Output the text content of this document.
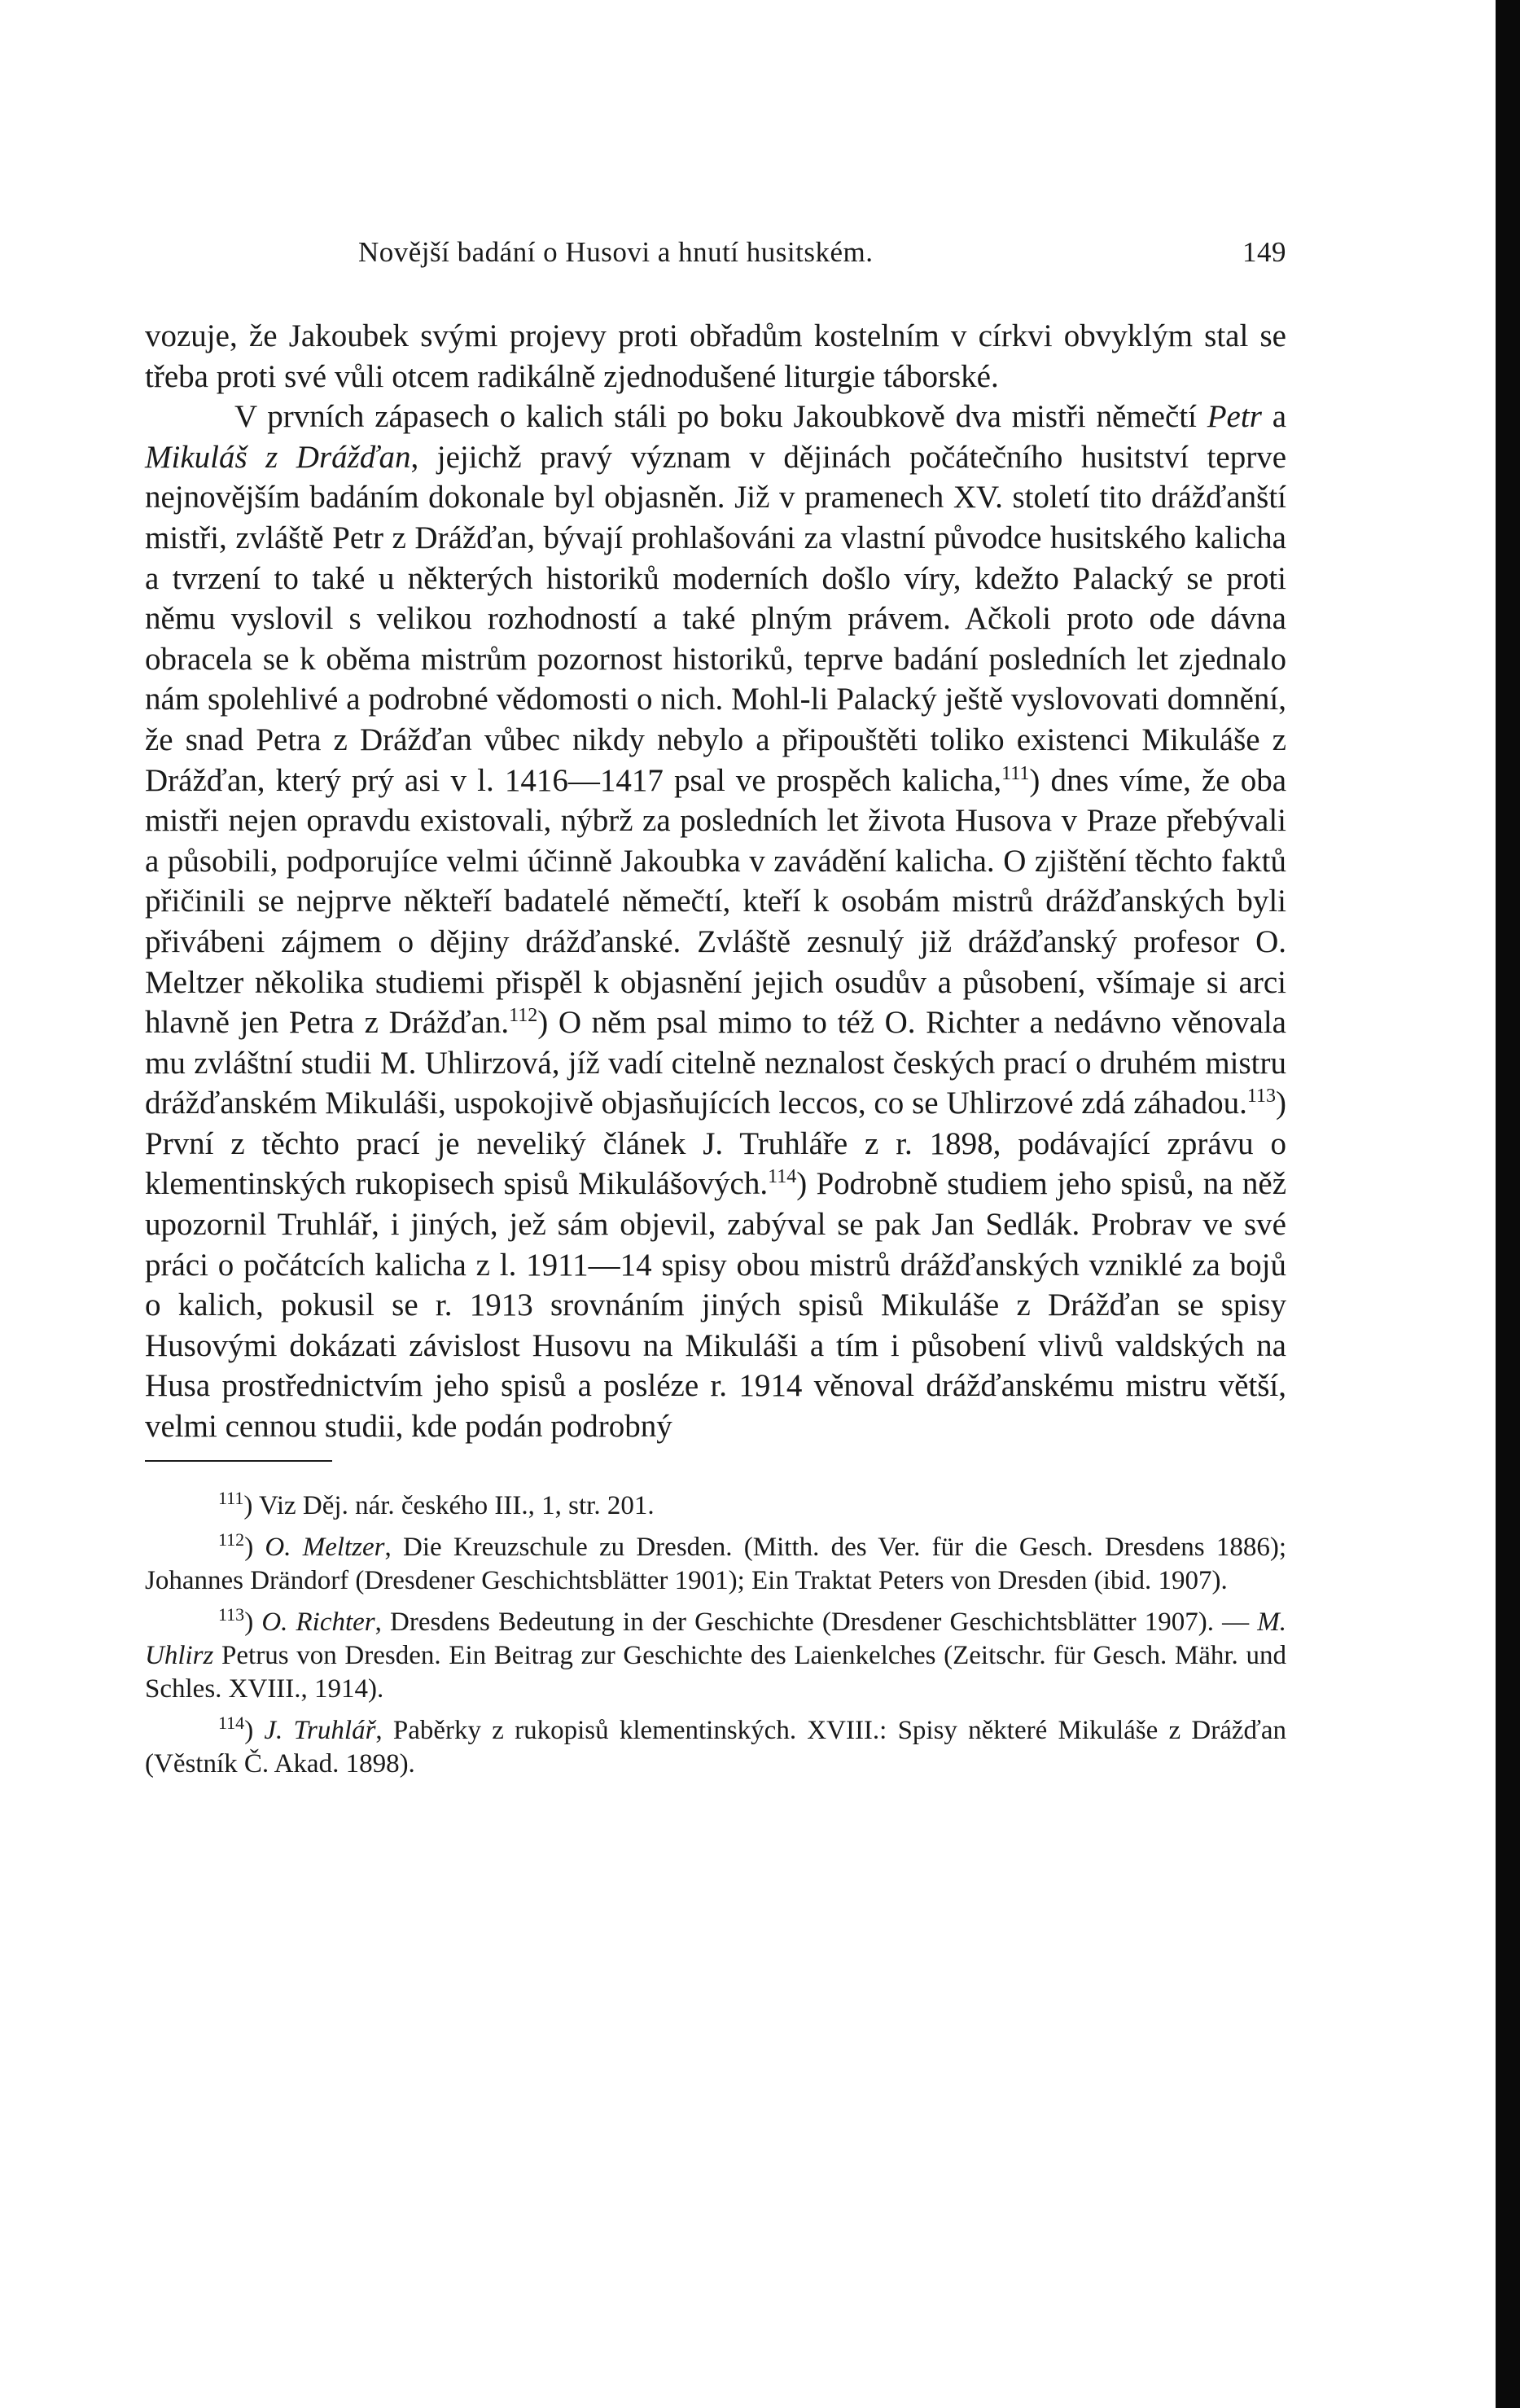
Novější badání o Husovi a hnutí husitském.	149

vozuje, že Jakoubek svými projevy proti obřadům kostelním v církvi obvyklým stal se třeba proti své vůli otcem radikálně zjednodušené liturgie táborské.

V prvních zápasech o kalich stáli po boku Jakoubkově dva mistři němečtí Petr a Mikuláš z Drážďan, jejichž pravý význam v dějinách počátečního husitství teprve nejnovějším badáním dokonale byl objasněn. Již v pramenech XV. století tito drážďanští mistři, zvláště Petr z Drážďan, bývají prohlašováni za vlastní původce husitského kalicha a tvrzení to také u některých historiků moderních došlo víry, kdežto Palacký se proti němu vyslovil s velikou rozhodností a také plným právem. Ačkoli proto ode dávna obracela se k oběma mistrům pozornost historiků, teprve badání posledních let zjednalo nám spolehlivé a podrobné vědomosti o nich. Mohl-li Palacký ještě vyslovovati domnění, že snad Petra z Drážďan vůbec nikdy nebylo a připouštěti toliko existenci Mikuláše z Drážďan, který prý asi v l. 1416—1417 psal ve prospěch kalicha,$^{111}$) dnes víme, že oba mistři nejen opravdu existovali, nýbrž za posledních let života Husova v Praze přebývali a působili, podporujíce velmi účinně Jakoubka v zavádění kalicha. O zjištění těchto faktů přičinili se nejprve někteří badatelé němečtí, kteří k osobám mistrů drážďanských byli přivábeni zájmem o dějiny drážďanské. Zvláště zesnulý již drážďanský profesor O. Meltzer několika studiemi přispěl k objasnění jejich osudův a působení, všímaje si arci hlavně jen Petra z Drážďan.$^{112}$) O něm psal mimo to též O. Richter a nedávno věnovala mu zvláštní studii M. Uhlirzová, jíž vadí citelně neznalost českých prací o druhém mistru drážďanském Mikuláši, uspokojivě objasňujících leccos, co se Uhlirzové zdá záhadou.$^{113}$) První z těchto prací je neveliký článek J. Truhláře z r. 1898, podávající zprávu o klementinských rukopisech spisů Mikulášových.$^{114}$) Podrobně studiem jeho spisů, na něž upozornil Truhlář, i jiných, jež sám objevil, zabýval se pak Jan Sedlák. Probrav ve své práci o počátcích kalicha z l. 1911—14 spisy obou mistrů drážďanských vzniklé za bojů o kalich, pokusil se r. 1913 srovnáním jiných spisů Mikuláše z Drážďan se spisy Husovými dokázati závislost Husovu na Mikuláši a tím i působení vlivů valdských na Husa prostřednictvím jeho spisů a posléze r. 1914 věnoval drážďanskému mistru větší, velmi cennou studii, kde podán podrobný

$^{111}$) Viz Děj. nár. českého III., 1, str. 201.

$^{112}$) O. Meltzer, Die Kreuzschule zu Dresden. (Mitth. des Ver. für die Gesch. Dresdens 1886); Johannes Drändorf (Dresdener Geschichtsblätter 1901); Ein Traktat Peters von Dresden (ibid. 1907).

$^{113}$) O. Richter, Dresdens Bedeutung in der Geschichte (Dresdener Geschichtsblätter 1907). — M. Uhlirz Petrus von Dresden. Ein Beitrag zur Geschichte des Laienkelches (Zeitschr. für Gesch. Mähr. und Schles. XVIII., 1914).

$^{114}$) J. Truhlář, Paběrky z rukopisů klementinských. XVIII.: Spisy některé Mikuláše z Drážďan (Věstník Č. Akad. 1898).
